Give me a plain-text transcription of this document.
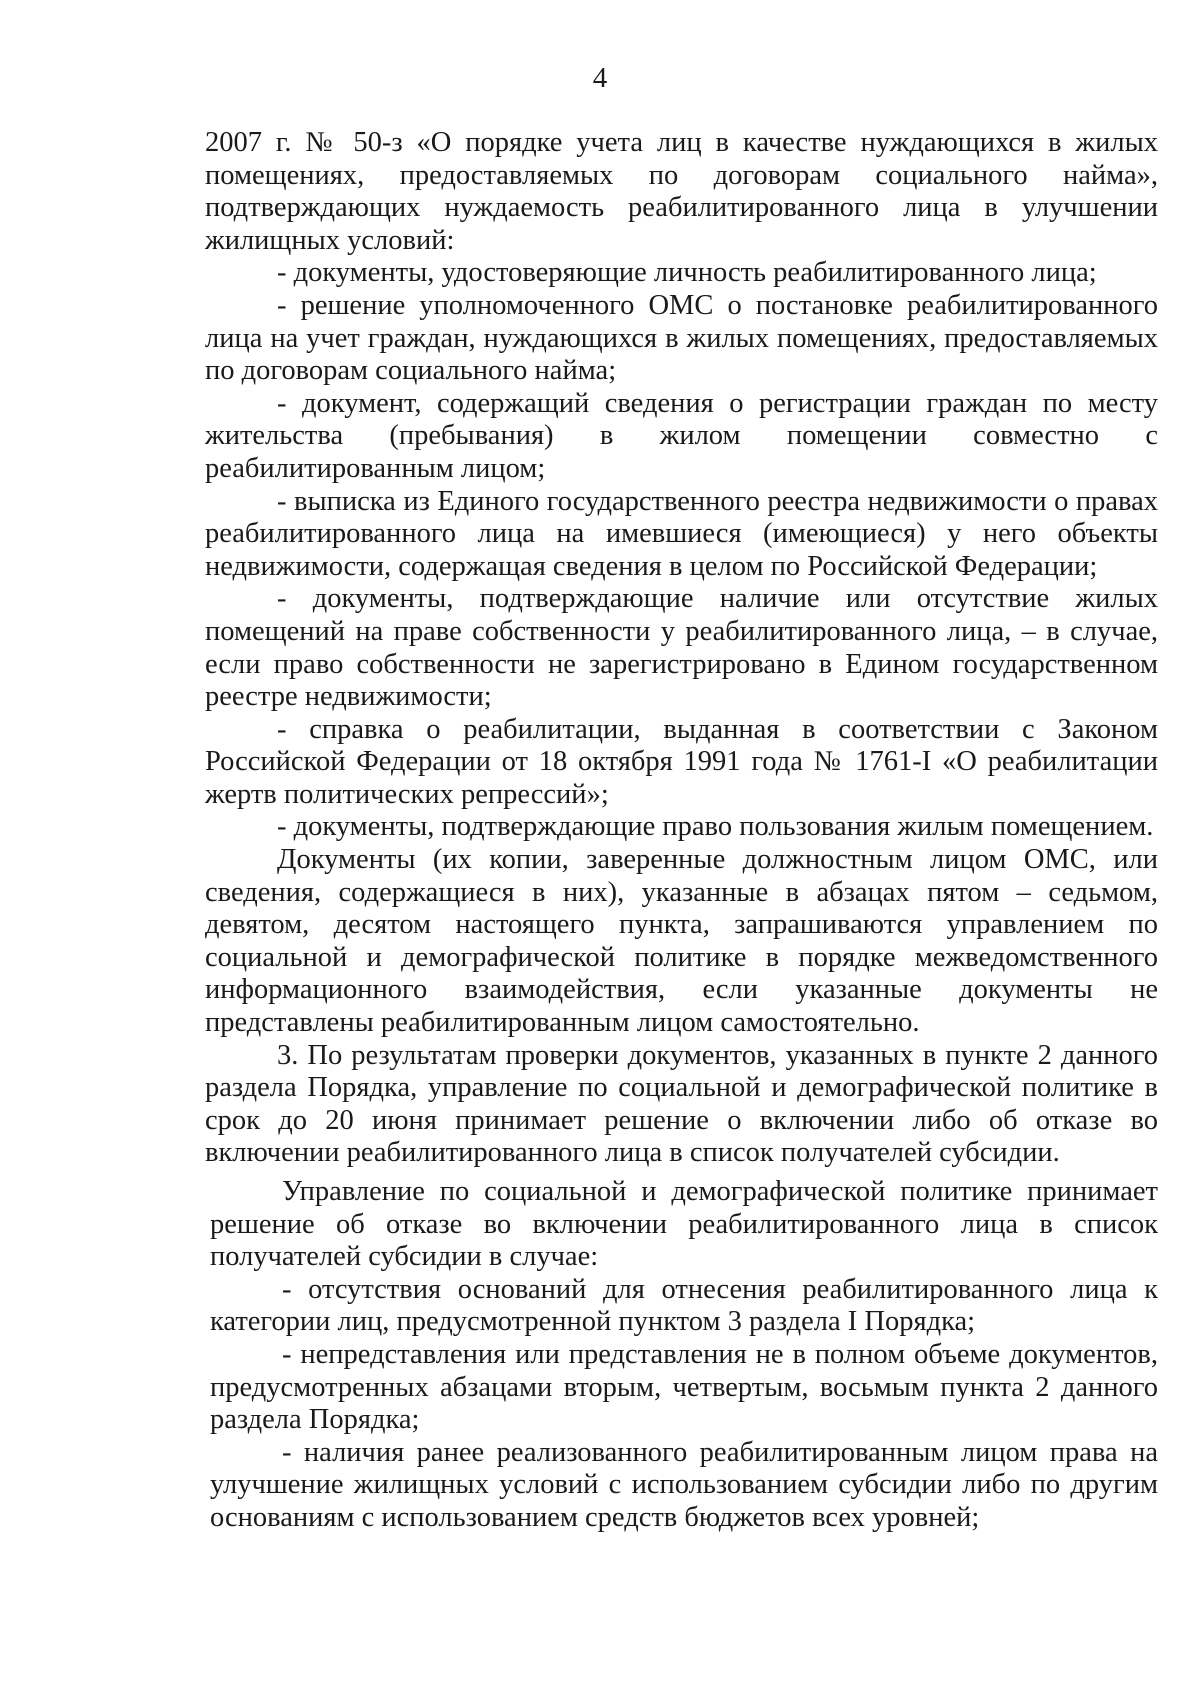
4

2007 г. № 50-з «О порядке учета лиц в качестве нуждающихся в жилых помещениях, предоставляемых по договорам социального найма», подтверждающих нуждаемость реабилитированного лица в улучшении жилищных условий:

- документы, удостоверяющие личность реабилитированного лица;

- решение уполномоченного ОМС о постановке реабилитированного лица на учет граждан, нуждающихся в жилых помещениях, предоставляемых по договорам социального найма;

- документ, содержащий сведения о регистрации граждан по месту жительства (пребывания) в жилом помещении совместно с реабилитированным лицом;

- выписка из Единого государственного реестра недвижимости о правах реабилитированного лица на имевшиеся (имеющиеся) у него объекты недвижимости, содержащая сведения в целом по Российской Федерации;

- документы, подтверждающие наличие или отсутствие жилых помещений на праве собственности у реабилитированного лица, – в случае, если право собственности не зарегистрировано в Едином государственном реестре недвижимости;

- справка о реабилитации, выданная в соответствии с Законом Российской Федерации от 18 октября 1991 года № 1761-I «О реабилитации жертв политических репрессий»;

- документы, подтверждающие право пользования жилым помещением.

Документы (их копии, заверенные должностным лицом ОМС, или сведения, содержащиеся в них), указанные в абзацах пятом – седьмом, девятом, десятом настоящего пункта, запрашиваются управлением по социальной и демографической политике в порядке межведомственного информационного взаимодействия, если указанные документы не представлены реабилитированным лицом самостоятельно.

3. По результатам проверки документов, указанных в пункте 2 данного раздела Порядка, управление по социальной и демографической политике в срок до 20 июня принимает решение о включении либо об отказе во включении реабилитированного лица в список получателей субсидии.

Управление по социальной и демографической политике принимает решение об отказе во включении реабилитированного лица в список получателей субсидии в случае:

- отсутствия оснований для отнесения реабилитированного лица к категории лиц, предусмотренной пунктом 3 раздела I Порядка;

- непредставления или представления не в полном объеме документов, предусмотренных абзацами вторым, четвертым, восьмым пункта 2 данного раздела Порядка;

- наличия ранее реализованного реабилитированным лицом права на улучшение жилищных условий с использованием субсидии либо по другим основаниям с использованием средств бюджетов всех уровней;
